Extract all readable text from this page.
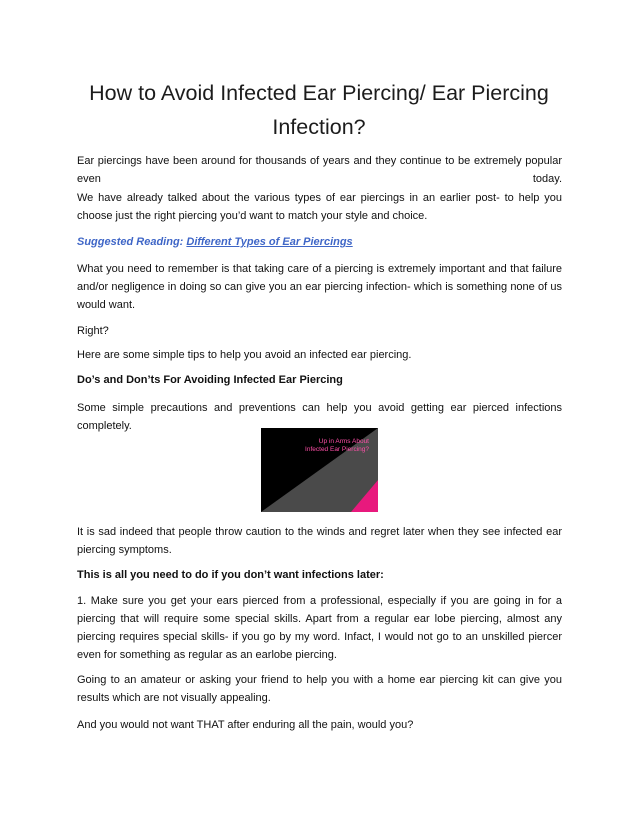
How to Avoid Infected Ear Piercing/ Ear Piercing Infection?

Ear piercings have been around for thousands of years and they continue to be extremely popular even today.

We have already talked about the various types of ear piercings in an earlier post- to help you choose just the right piercing you’d want to match your style and choice.

Suggested Reading: Different Types of Ear Piercings

What you need to remember is that taking care of a piercing is extremely important and that failure and/or negligence in doing so can give you an ear piercing infection- which is something none of us would want.

Right?

Here are some simple tips to help you avoid an infected ear piercing.

Do’s and Don’ts For Avoiding Infected Ear Piercing

Some simple precautions and preventions can help you avoid getting ear pierced infections completely.

Up in Arms About Infected Ear Piercing?

It is sad indeed that people throw caution to the winds and regret later when they see infected ear piercing symptoms.

This is all you need to do if you don’t want infections later:

1. Make sure you get your ears pierced from a professional, especially if you are going in for a piercing that will require some special skills. Apart from a regular ear lobe piercing, almost any piercing requires special skills- if you go by my word. Infact, I would not go to an unskilled piercer even for something as regular as an earlobe piercing.

Going to an amateur or asking your friend to help you with a home ear piercing kit can give you results which are not visually appealing.

And you would not want THAT after enduring all the pain, would you?
